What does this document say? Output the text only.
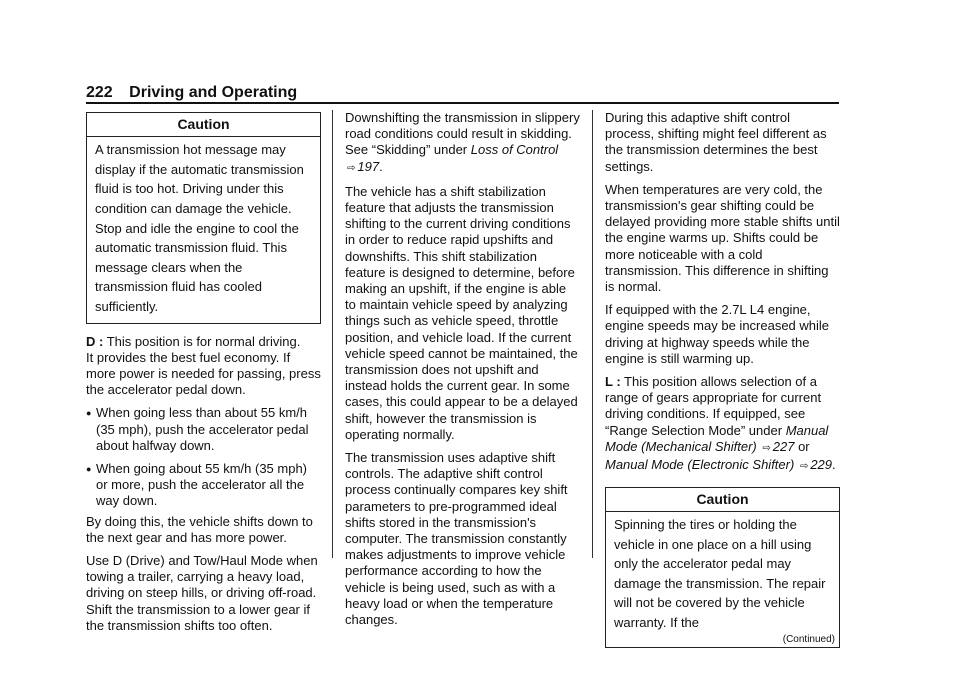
222 Driving and Operating
Caution
A transmission hot message may display if the automatic transmission fluid is too hot. Driving under this condition can damage the vehicle. Stop and idle the engine to cool the automatic transmission fluid. This message clears when the transmission fluid has cooled sufficiently.

D : This position is for normal driving.

It provides the best fuel economy. If more power is needed for passing, press the accelerator pedal down.

● When going less than about 55 km/h (35 mph), push the accelerator pedal about halfway down.
● When going about 55 km/h (35 mph) or more, push the accelerator all the way down.

By doing this, the vehicle shifts down to the next gear and has more power.

Use D (Drive) and Tow/Haul Mode when towing a trailer, carrying a heavy load, driving on steep hills, or driving off-road. Shift the transmission to a lower gear if the transmission shifts too often.

Downshifting the transmission in slippery road conditions could result in skidding. See “Skidding” under Loss of Control ⇨ 197.

The vehicle has a shift stabilization feature that adjusts the transmission shifting to the current driving conditions in order to reduce rapid upshifts and downshifts. This shift stabilization feature is designed to determine, before making an upshift, if the engine is able to maintain vehicle speed by analyzing things such as vehicle speed, throttle position, and vehicle load. If the current vehicle speed cannot be maintained, the transmission does not upshift and instead holds the current gear. In some cases, this could appear to be a delayed shift, however the transmission is operating normally.

The transmission uses adaptive shift controls. The adaptive shift control process continually compares key shift parameters to pre-programmed ideal shifts stored in the transmission's computer. The transmission constantly makes adjustments to improve vehicle performance according to how the vehicle is being used, such as with a heavy load or when the temperature changes.

During this adaptive shift control process, shifting might feel different as the transmission determines the best settings.

When temperatures are very cold, the transmission's gear shifting could be delayed providing more stable shifts until the engine warms up. Shifts could be more noticeable with a cold transmission. This difference in shifting is normal.

If equipped with the 2.7L L4 engine, engine speeds may be increased while driving at highway speeds while the engine is still warming up.

L : This position allows selection of a range of gears appropriate for current driving conditions. If equipped, see “Range Selection Mode” under Manual Mode (Mechanical Shifter) ⇨ 227 or
Manual Mode (Electronic Shifter) ⇨ 229.

Caution
Spinning the tires or holding the vehicle in one place on a hill using only the accelerator pedal may damage the transmission. The repair will not be covered by the vehicle warranty. If the
(Continued)
